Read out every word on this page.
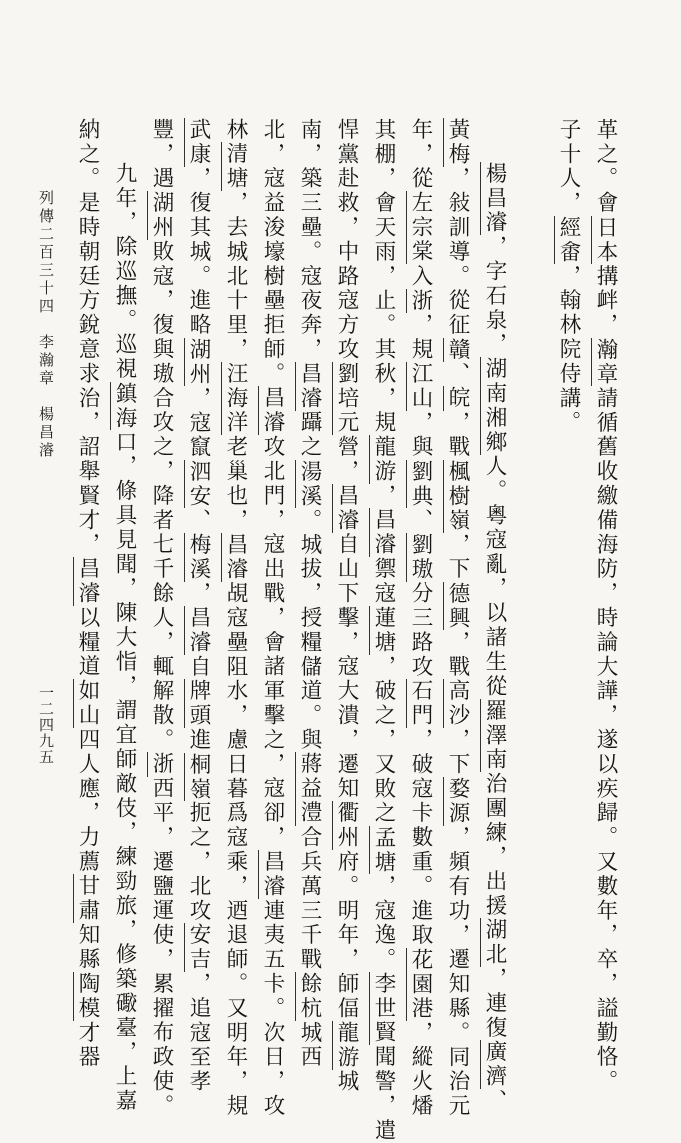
革之。會日本搆衅，瀚章請循舊收繳備海防，時論大譁，遂以疾歸。又數年，卒，謚勤恪。
子十人，經畬，翰林院侍講。
楊昌濬，字石泉，湖南湘鄉人。粵寇亂，以諸生從羅澤南治團練，出援湖北，連復廣濟、
黃梅，敍訓導。從征贛、皖，戰楓樹嶺，下德興，戰高沙，下婺源，頻有功，遷知縣。同治元
年，從左宗棠入浙，規江山，與劉典、劉璈分三路攻石門，破寇卡數重。進取花園港，縱火燔
其棚，會天雨，止。其秋，規龍游，昌濬禦寇蓮塘，破之，又敗之孟塘，寇逸。李世賢聞警，遣
悍黨赴救，中路寇方攻劉培元營，昌濬自山下擊，寇大潰，遷知衢州府。明年，師偪龍游城
南，築三壘。寇夜奔，昌濬躡之湯溪。城拔，授糧儲道。與蔣益澧合兵萬三千戰餘杭城西
北，寇益浚壕樹壘拒師。昌濬攻北門，寇出戰，會諸軍擊之，寇卻，昌濬連夷五卡。次日，攻
林清塘，去城北十里，汪海洋老巢也，昌濬覘寇壘阻水，慮日暮爲寇乘，迺退師。又明年，規
武康，復其城。進略湖州，寇竄泗安、梅溪，昌濬自牌頭進桐嶺扼之，北攻安吉，追寇至孝
豐，遇湖州敗寇，復與璈合攻之，降者七千餘人，輒解散。浙西平，遷鹽運使，累擢布政使。
九年，除巡撫。巡視鎮海口，條具見聞，陳大恉，謂宜師敵伎，練勁旅，修築礮臺，上嘉
納之。是時朝廷方銳意求治，詔舉賢才，昌濬以糧道如山四人應，力薦甘肅知縣陶模才器
列傳二百三十四　李瀚章　楊昌濬
一二四九五
